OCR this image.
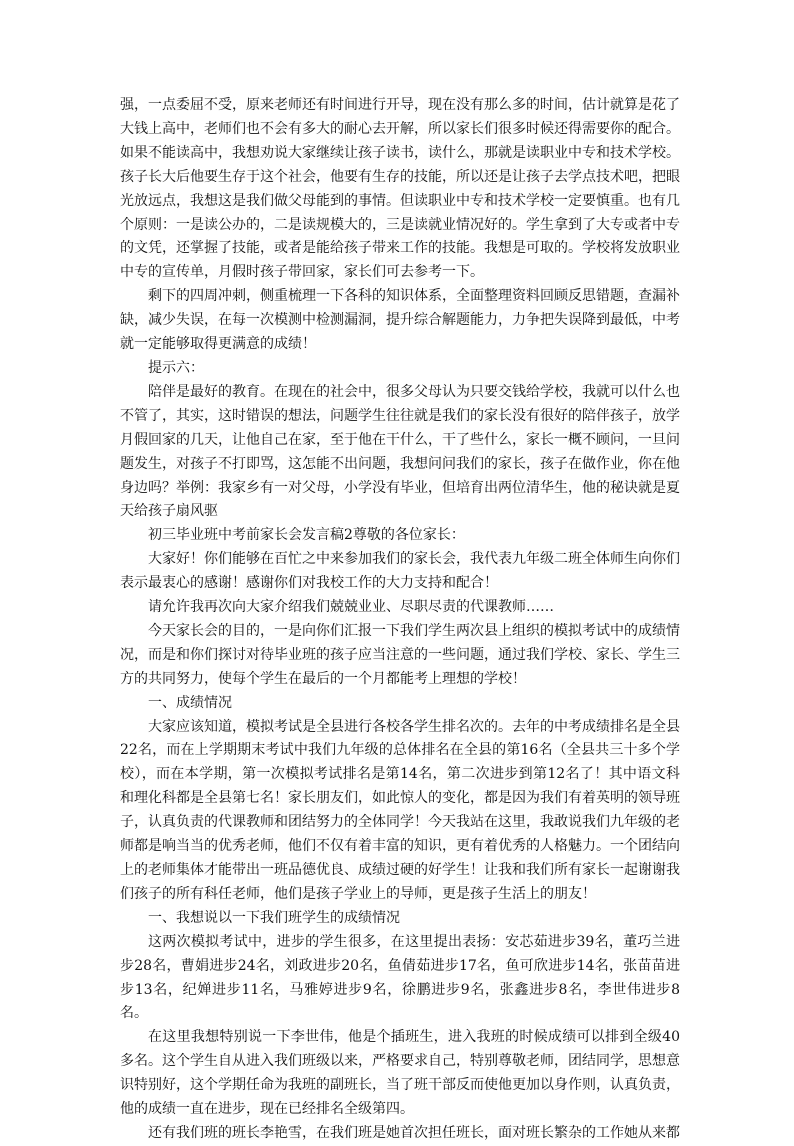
强，一点委屈不受，原来老师还有时间进行开导，现在没有那么多的时间，估计就算是花了大钱上高中，老师们也不会有多大的耐心去开解，所以家长们很多时候还得需要你的配合。如果不能读高中，我想劝说大家继续让孩子读书，读什么，那就是读职业中专和技术学校。孩子长大后他要生存于这个社会，他要有生存的技能，所以还是让孩子去学点技术吧，把眼光放远点，我想这是我们做父母能到的事情。但读职业中专和技术学校一定要慎重。也有几个原则：一是读公办的，二是读规模大的，三是读就业情况好的。学生拿到了大专或者中专的文凭，还掌握了技能，或者是能给孩子带来工作的技能。我想是可取的。学校将发放职业中专的宣传单，月假时孩子带回家，家长们可去参考一下。

剩下的四周冲刺，侧重梳理一下各科的知识体系，全面整理资料回顾反思错题，查漏补缺，减少失误，在每一次模测中检测漏洞，提升综合解题能力，力争把失误降到最低，中考就一定能够取得更满意的成绩！

提示六：

陪伴是最好的教育。在现在的社会中，很多父母认为只要交钱给学校，我就可以什么也不管了，其实，这时错误的想法，问题学生往往就是我们的家长没有很好的陪伴孩子，放学月假回家的几天，让他自己在家，至于他在干什么，干了些什么，家长一概不顾问，一旦问题发生，对孩子不打即骂，这怎能不出问题，我想问问我们的家长，孩子在做作业，你在他身边吗？举例：我家乡有一对父母，小学没有毕业，但培育出两位清华生，他的秘诀就是夏天给孩子扇风驱

初三毕业班中考前家长会发言稿2尊敬的各位家长：

大家好！你们能够在百忙之中来参加我们的家长会，我代表九年级二班全体师生向你们表示最衷心的感谢！感谢你们对我校工作的大力支持和配合！

请允许我再次向大家介绍我们兢兢业业、尽职尽责的代课教师……

今天家长会的目的，一是向你们汇报一下我们学生两次县上组织的模拟考试中的成绩情况，而是和你们探讨对待毕业班的孩子应当注意的一些问题，通过我们学校、家长、学生三方的共同努力，使每个学生在最后的一个月都能考上理想的学校！

一、成绩情况

大家应该知道，模拟考试是全县进行各校各学生排名次的。去年的中考成绩排名是全县22名，而在上学期期末考试中我们九年级的总体排名在全县的第16名（全县共三十多个学校），而在本学期，第一次模拟考试排名是第14名，第二次进步到第12名了！其中语文科和理化科都是全县第七名！家长朋友们，如此惊人的变化，都是因为我们有着英明的领导班子，认真负责的代课教师和团结努力的全体同学！今天我站在这里，我敢说我们九年级的老师都是响当当的优秀老师，他们不仅有着丰富的知识，更有着优秀的人格魅力。一个团结向上的老师集体才能带出一班品德优良、成绩过硬的好学生！让我和我们所有家长一起谢谢我们孩子的所有科任老师，他们是孩子学业上的导师，更是孩子生活上的朋友！

一、我想说以一下我们班学生的成绩情况

这两次模拟考试中，进步的学生很多，在这里提出表扬：安芯茹进步39名，董巧兰进步28名，曹娟进步24名，刘政进步20名，鱼倩茹进步17名，鱼可欣进步14名，张苗苗进步13名，纪婵进步11名，马雅婷进步9名，徐鹏进步9名，张鑫进步8名，李世伟进步8名。

在这里我想特别说一下李世伟，他是个插班生，进入我班的时候成绩可以排到全级40多名。这个学生自从进入我们班级以来，严格要求自己，特别尊敬老师，团结同学，思想意识特别好，这个学期任命为我班的副班长，当了班干部反而使他更加以身作则，认真负责，他的成绩一直在进步，现在已经排名全级第四。

还有我们班的班长李艳雪，在我们班是她首次担任班长，面对班长繁杂的工作她从来都
